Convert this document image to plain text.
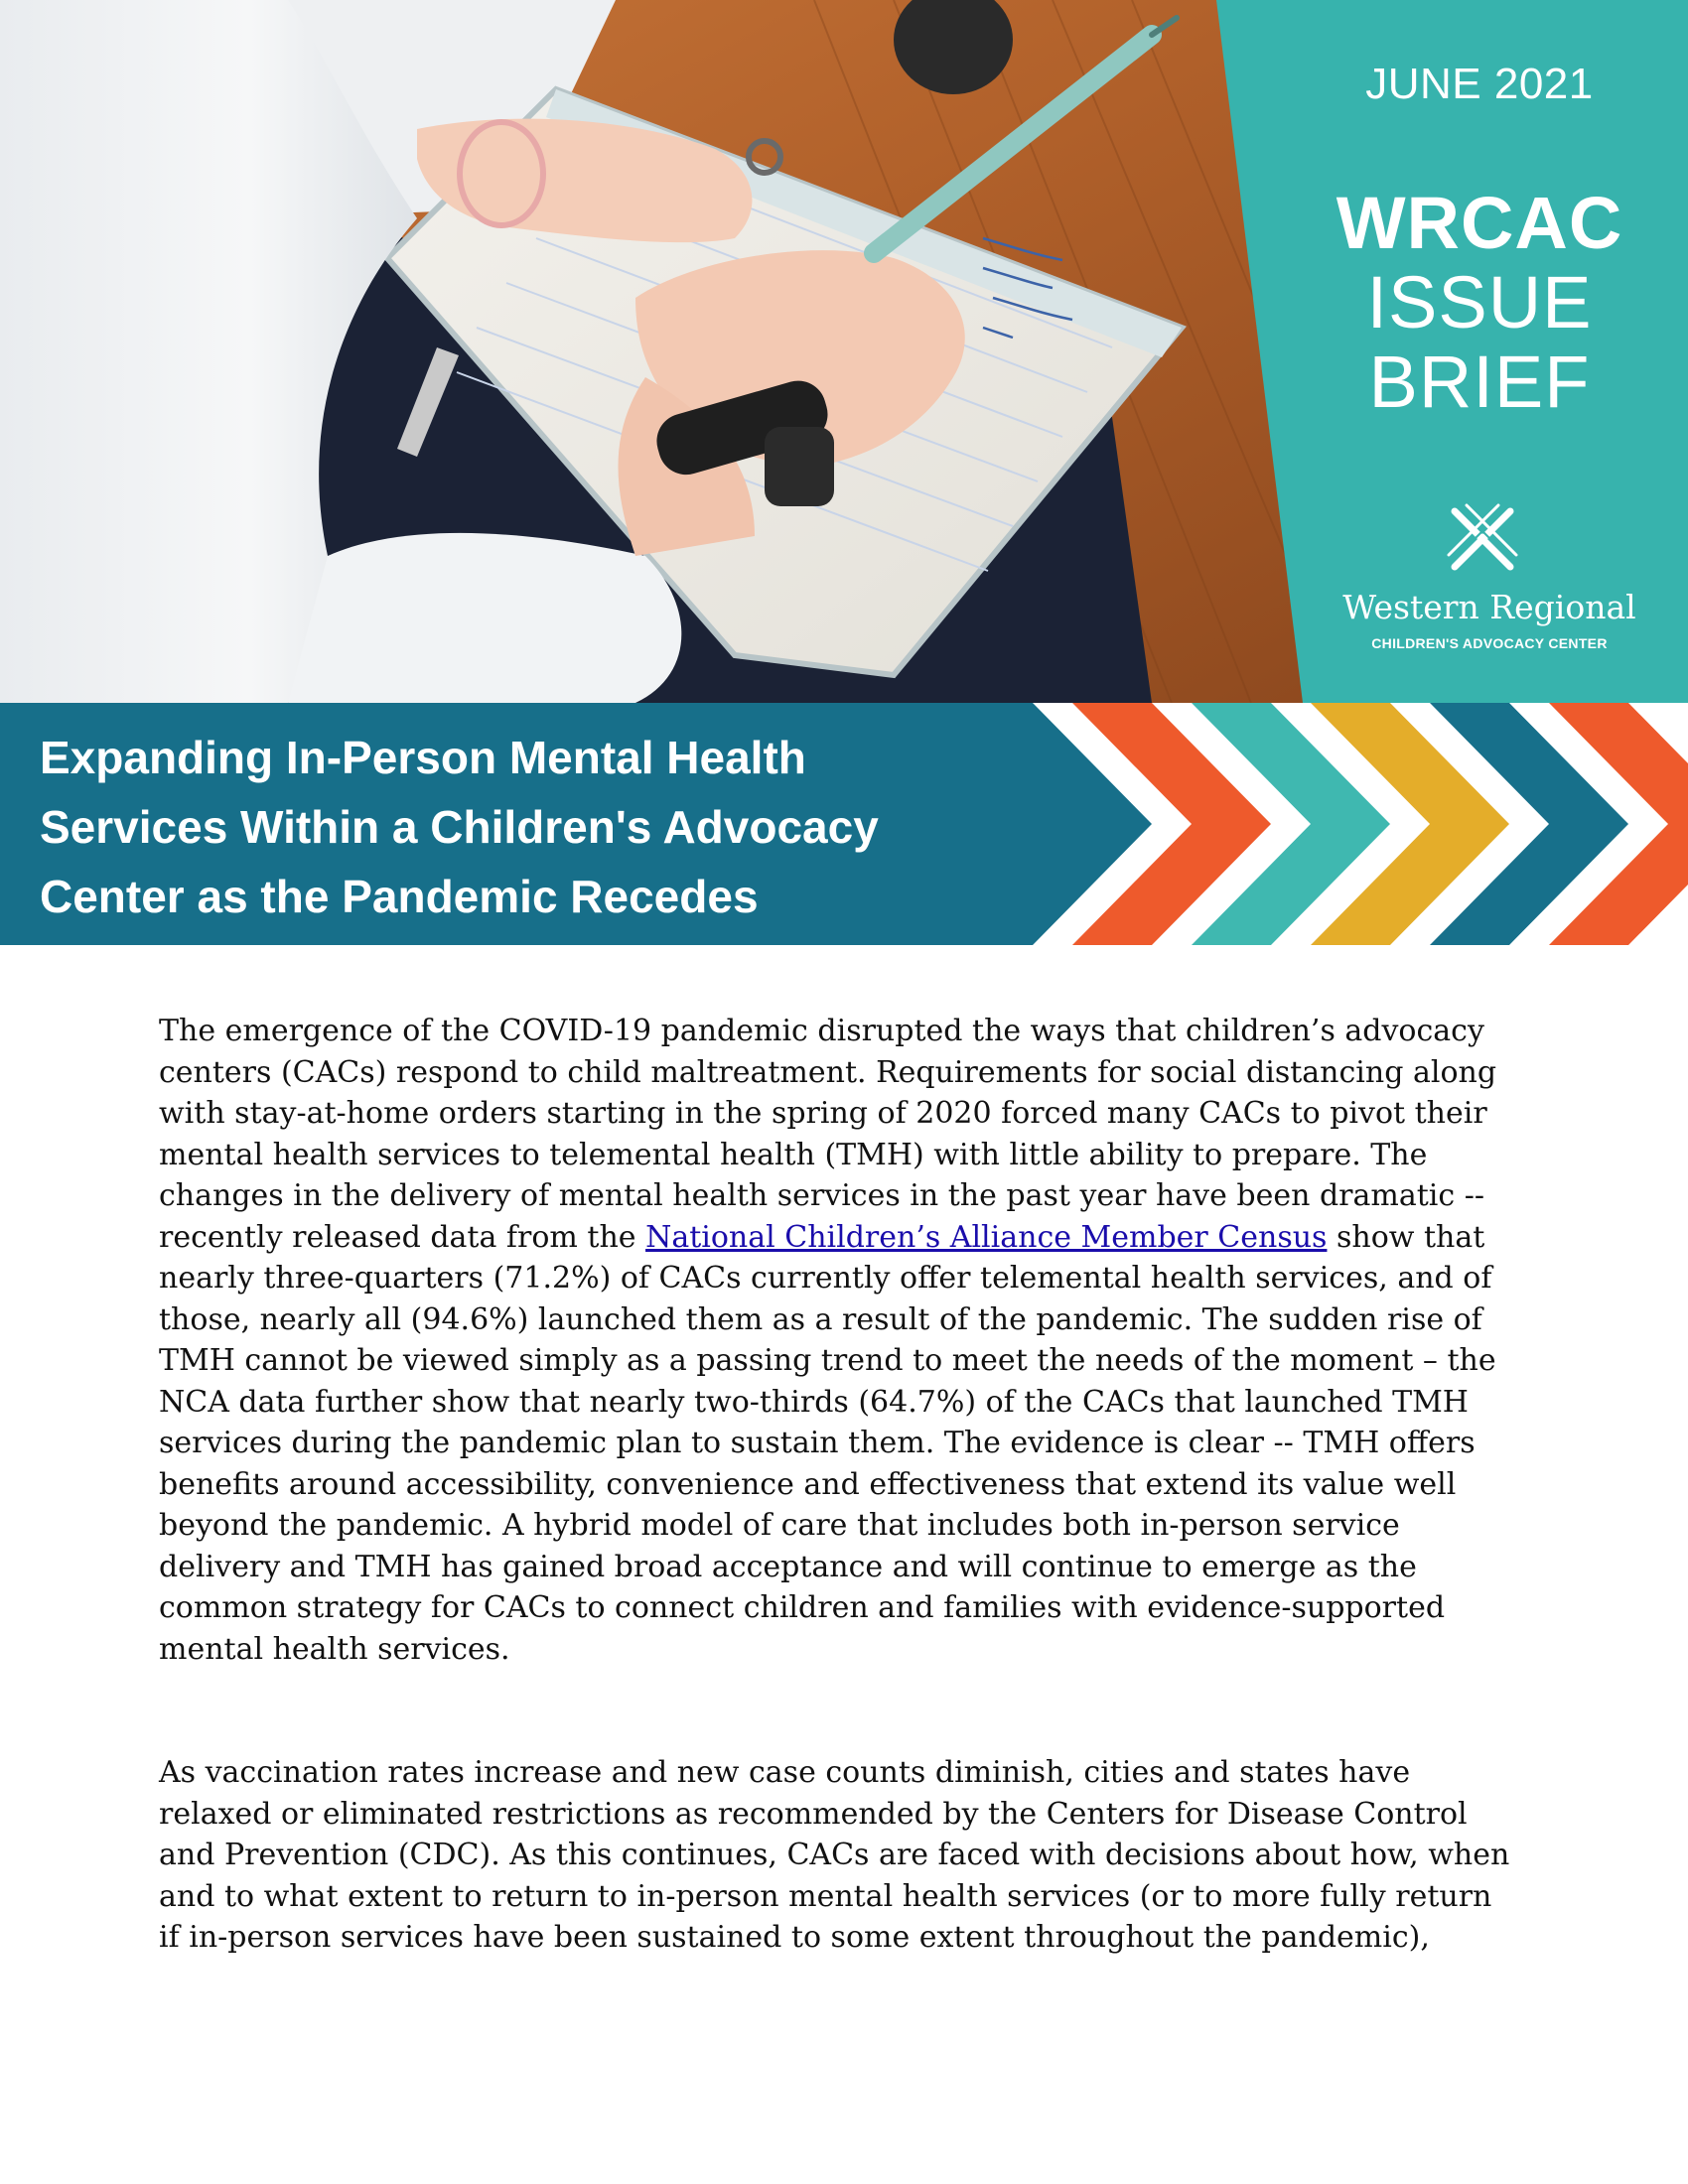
JUNE 2021
WRCAC
ISSUE
BRIEF
Western Regional
CHILDREN'S ADVOCACY CENTER
Expanding In-Person Mental Health
Services Within a Children's Advocacy
Center as the Pandemic Recedes
The emergence of the COVID-19 pandemic disrupted the ways that children’s advocacy
centers (CACs) respond to child maltreatment. Requirements for social distancing along
with stay-at-home orders starting in the spring of 2020 forced many CACs to pivot their
mental health services to telemental health (TMH) with little ability to prepare. The
changes in the delivery of mental health services in the past year have been dramatic --
recently released data from the National Children’s Alliance Member Census show that
nearly three-quarters (71.2%) of CACs currently offer telemental health services, and of
those, nearly all (94.6%) launched them as a result of the pandemic. The sudden rise of
TMH cannot be viewed simply as a passing trend to meet the needs of the moment – the
NCA data further show that nearly two-thirds (64.7%) of the CACs that launched TMH
services during the pandemic plan to sustain them. The evidence is clear -- TMH offers
benefits around accessibility, convenience and effectiveness that extend its value well
beyond the pandemic. A hybrid model of care that includes both in-person service
delivery and TMH has gained broad acceptance and will continue to emerge as the
common strategy for CACs to connect children and families with evidence-supported
mental health services.
As vaccination rates increase and new case counts diminish, cities and states have
relaxed or eliminated restrictions as recommended by the Centers for Disease Control
and Prevention (CDC). As this continues, CACs are faced with decisions about how, when
and to what extent to return to in-person mental health services (or to more fully return
if in-person services have been sustained to some extent throughout the pandemic),
